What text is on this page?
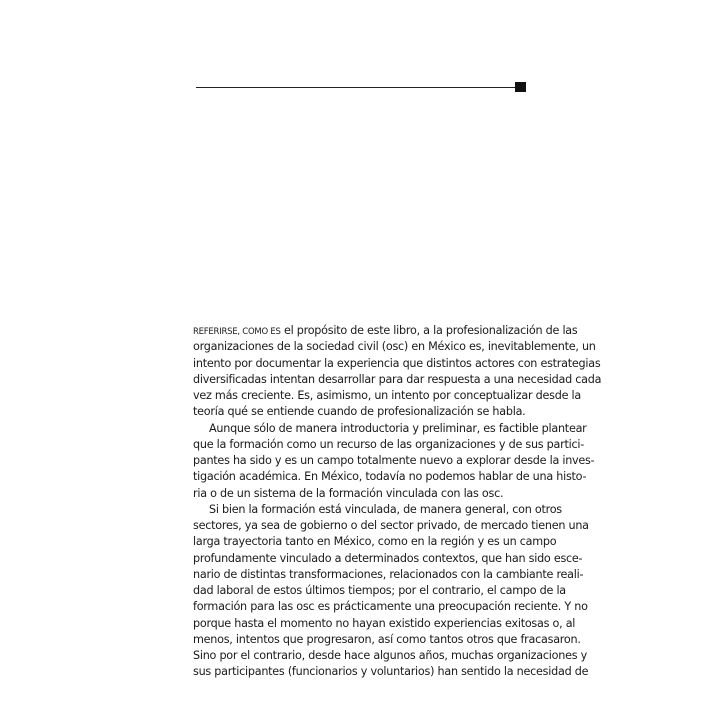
REFERIRSE, COMO ES el propósito de este libro, a la profesionalización de las
organizaciones de la sociedad civil (osc) en México es, inevitablemente, un
intento por documentar la experiencia que distintos actores con estrategias
diversificadas intentan desarrollar para dar respuesta a una necesidad cada
vez más creciente. Es, asimismo, un intento por conceptualizar desde la
teoría qué se entiende cuando de profesionalización se habla.
Aunque sólo de manera introductoria y preliminar, es factible plantear
que la formación como un recurso de las organizaciones y de sus partici-
pantes ha sido y es un campo totalmente nuevo a explorar desde la inves-
tigación académica. En México, todavía no podemos hablar de una histo-
ria o de un sistema de la formación vinculada con las osc.
Si bien la formación está vinculada, de manera general, con otros
sectores, ya sea de gobierno o del sector privado, de mercado tienen una
larga trayectoria tanto en México, como en la región y es un campo
profundamente vinculado a determinados contextos, que han sido esce-
nario de distintas transformaciones, relacionados con la cambiante reali-
dad laboral de estos últimos tiempos; por el contrario, el campo de la
formación para las osc es prácticamente una preocupación reciente. Y no
porque hasta el momento no hayan existido experiencias exitosas o, al
menos, intentos que progresaron, así como tantos otros que fracasaron.
Sino por el contrario, desde hace algunos años, muchas organizaciones y
sus participantes (funcionarios y voluntarios) han sentido la necesidad de
